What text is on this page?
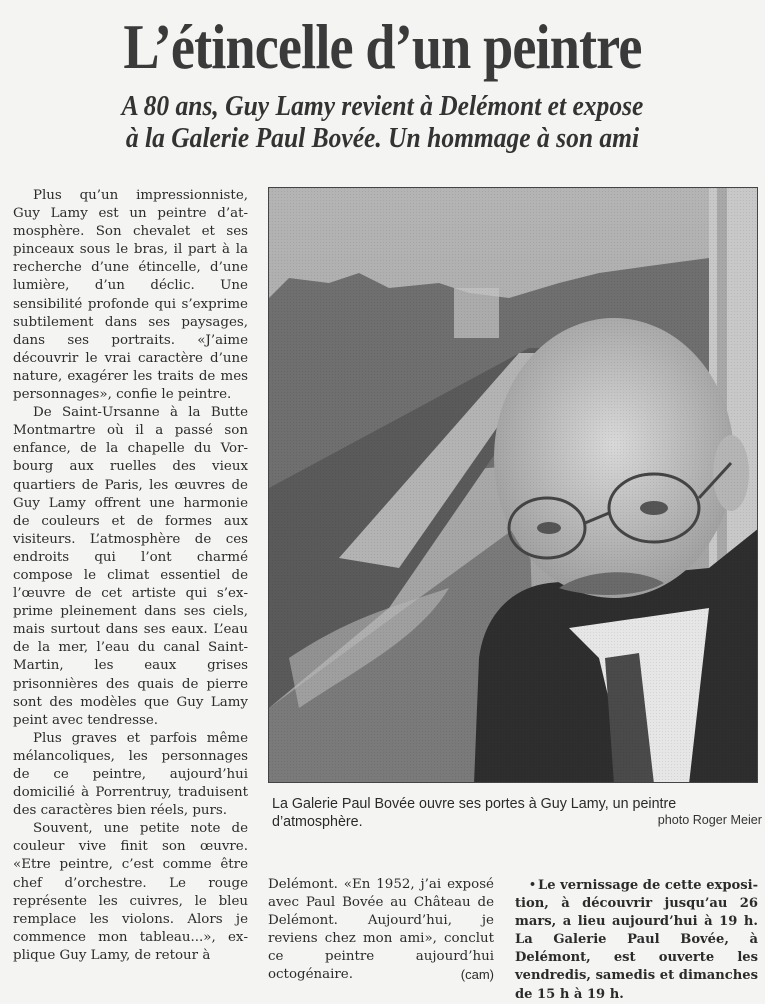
L’étincelle d’un peintre
A 80 ans, Guy Lamy revient à Delémont et expose
à la Galerie Paul Bovée. Un hommage à son ami

Plus qu’un impressionniste, Guy Lamy est un peintre d’atmosphère. Son chevalet et ses pinceaux sous le bras, il part à la recherche d’une étincelle, d’une lumière, d’un déclic. Une sensibilité profonde qui s’exprime subtilement dans ses paysages, dans ses portraits. «J’aime découvrir le vrai caractère d’une nature, exagérer les traits de mes personnages», confie le peintre.

De Saint-Ursanne à la Butte Montmartre où il a passé son enfance, de la chapelle du Vorbourg aux ruelles des vieux quartiers de Paris, les œuvres de Guy Lamy offrent une harmonie de couleurs et de formes aux visiteurs. L’atmosphère de ces endroits qui l’ont charmé compose le climat essentiel de l’œuvre de cet artiste qui s’exprime pleinement dans ses ciels, mais surtout dans ses eaux. L’eau de la mer, l’eau du canal Saint-Martin, les eaux grises prisonnières des quais de pierre sont des modèles que Guy Lamy peint avec tendresse.

Plus graves et parfois même mélancoliques, les personnages de ce peintre, aujourd’hui domicilié à Porrentruy, traduisent des caractères bien réels, purs.

Souvent, une petite note de couleur vive finit son œuvre. «Etre peintre, c’est comme être chef d’orchestre. Le rouge représente les cuivres, le bleu remplace les violons. Alors je commence mon tableau...», explique Guy Lamy, de retour à

La Galerie Paul Bovée ouvre ses portes à Guy Lamy, un peintre d’atmosphère.	photo Roger Meier

Delémont. «En 1952, j’ai exposé avec Paul Bovée au Château de Delémont. Aujourd’hui, je reviens chez mon ami», conclut ce peintre aujourd’hui octogénaire.	(cam)

• Le vernissage de cette exposition, à découvrir jusqu’au 26 mars, a lieu aujourd’hui à 19 h. La Galerie Paul Bovée, à Delémont, est ouverte les vendredis, samedis et dimanches de 15 h à 19 h.
